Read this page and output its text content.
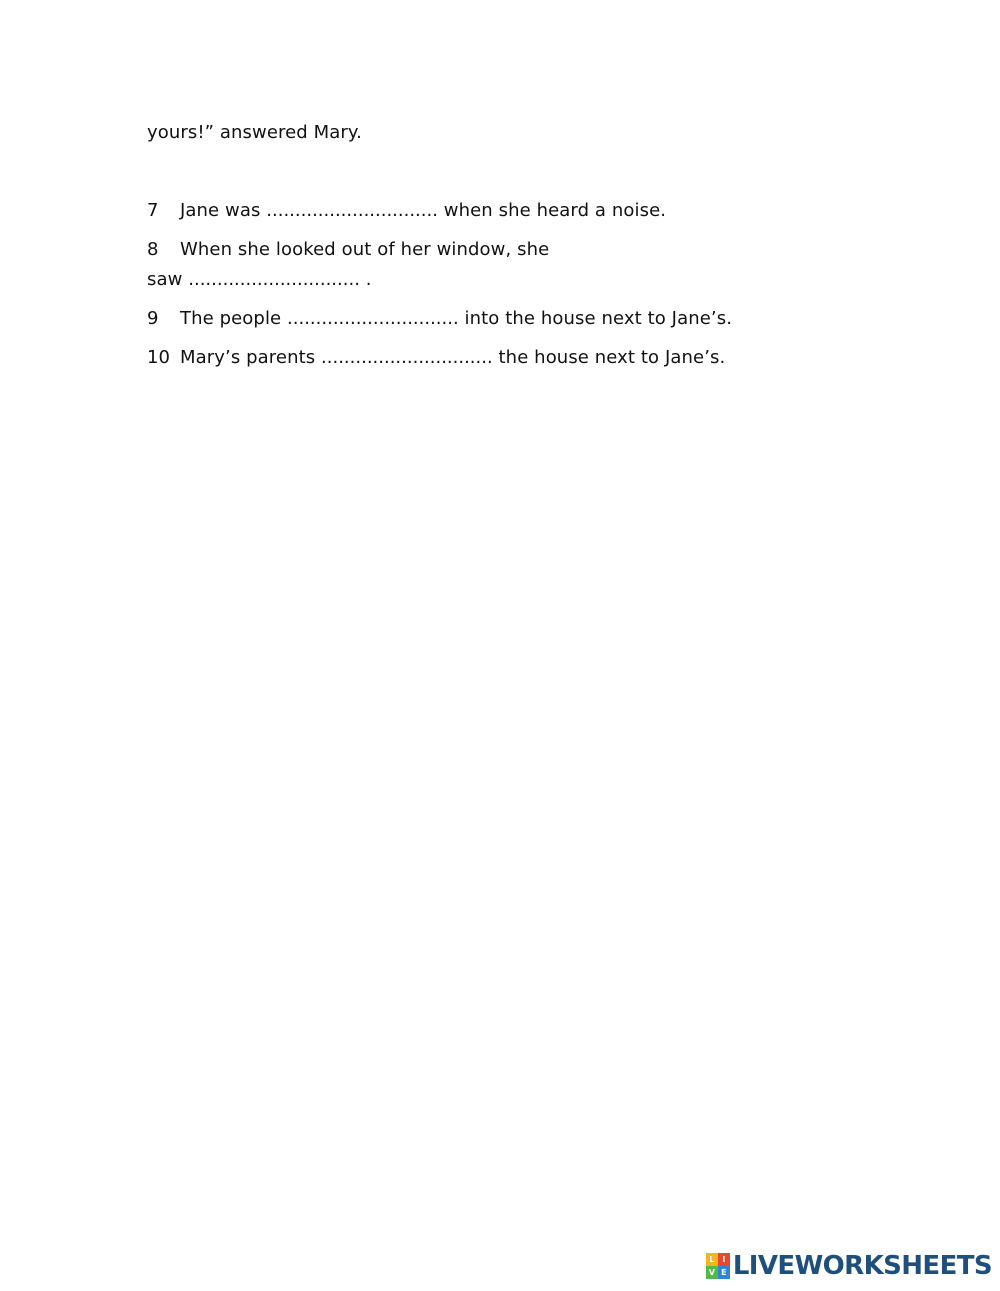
yours!” answered Mary.
7 Jane was .............................. when she heard a noise.
8 When she looked out of her window, she
saw .............................. .
9 The people .............................. into the house next to Jane’s.
10 Mary’s parents .............................. the house next to Jane’s.
L I
V E LIVEWORKSHEETS
